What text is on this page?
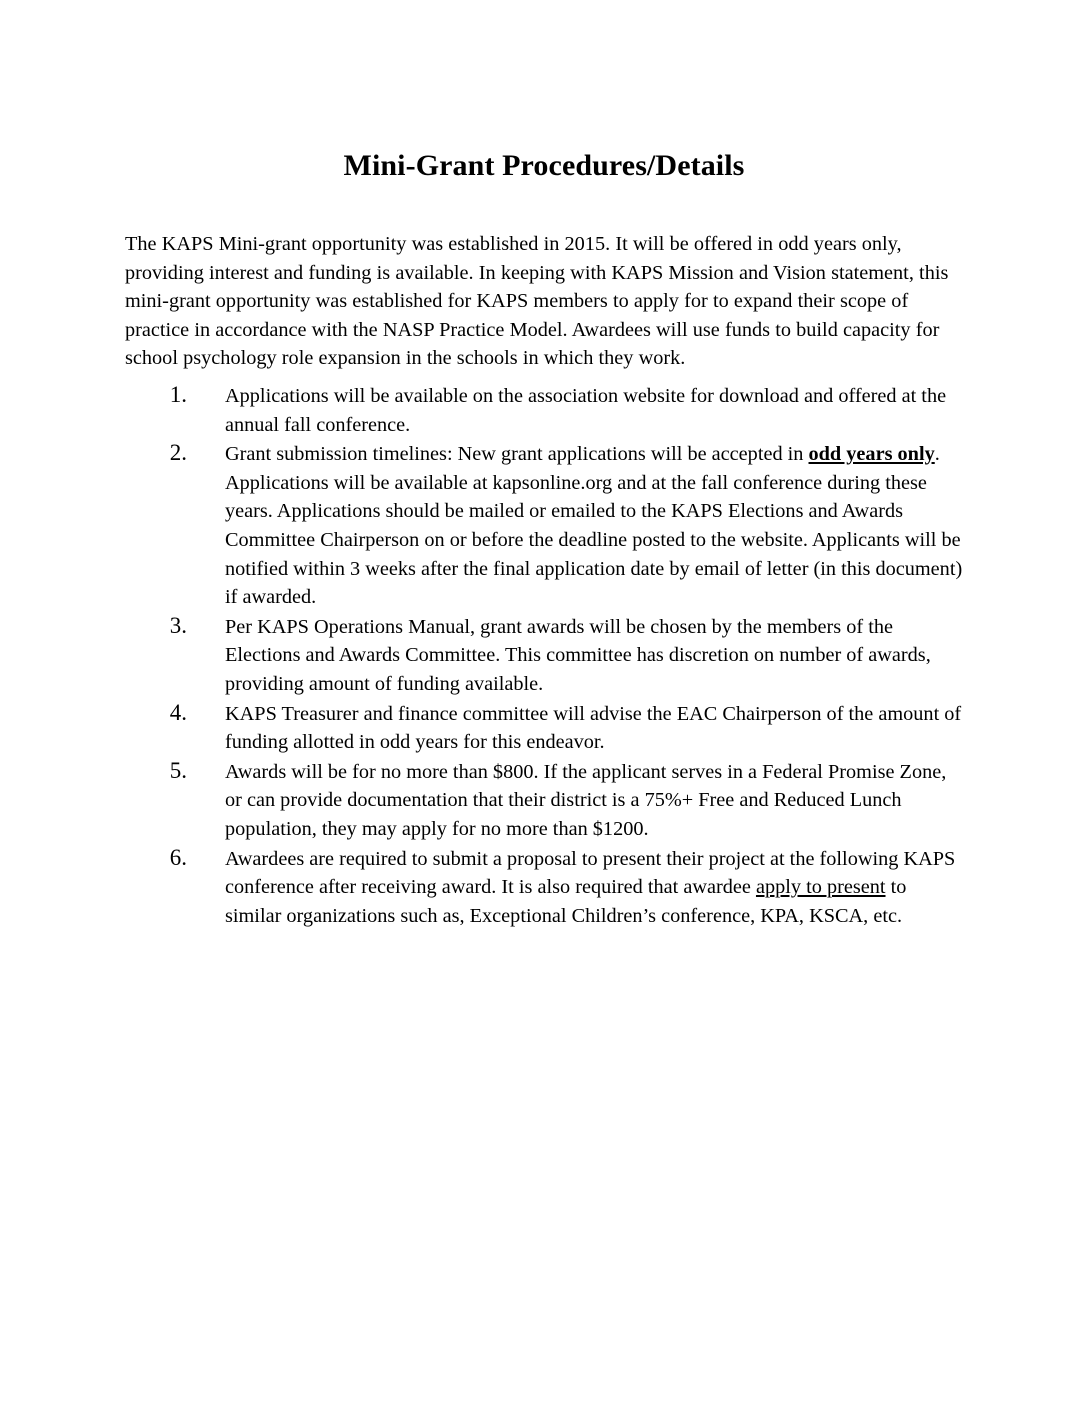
Mini-Grant Procedures/Details

The KAPS Mini-grant opportunity was established in 2015. It will be offered in odd years only, providing interest and funding is available. In keeping with KAPS Mission and Vision statement, this mini-grant opportunity was established for KAPS members to apply for to expand their scope of practice in accordance with the NASP Practice Model. Awardees will use funds to build capacity for school psychology role expansion in the schools in which they work.

1. Applications will be available on the association website for download and offered at the annual fall conference.
2. Grant submission timelines: New grant applications will be accepted in odd years only. Applications will be available at kapsonline.org and at the fall conference during these years. Applications should be mailed or emailed to the KAPS Elections and Awards Committee Chairperson on or before the deadline posted to the website. Applicants will be notified within 3 weeks after the final application date by email of letter (in this document) if awarded.
3. Per KAPS Operations Manual, grant awards will be chosen by the members of the Elections and Awards Committee. This committee has discretion on number of awards, providing amount of funding available.
4. KAPS Treasurer and finance committee will advise the EAC Chairperson of the amount of funding allotted in odd years for this endeavor.
5. Awards will be for no more than $800. If the applicant serves in a Federal Promise Zone, or can provide documentation that their district is a 75%+ Free and Reduced Lunch population, they may apply for no more than $1200.
6. Awardees are required to submit a proposal to present their project at the following KAPS conference after receiving award. It is also required that awardee apply to present to similar organizations such as, Exceptional Children’s conference, KPA, KSCA, etc.
